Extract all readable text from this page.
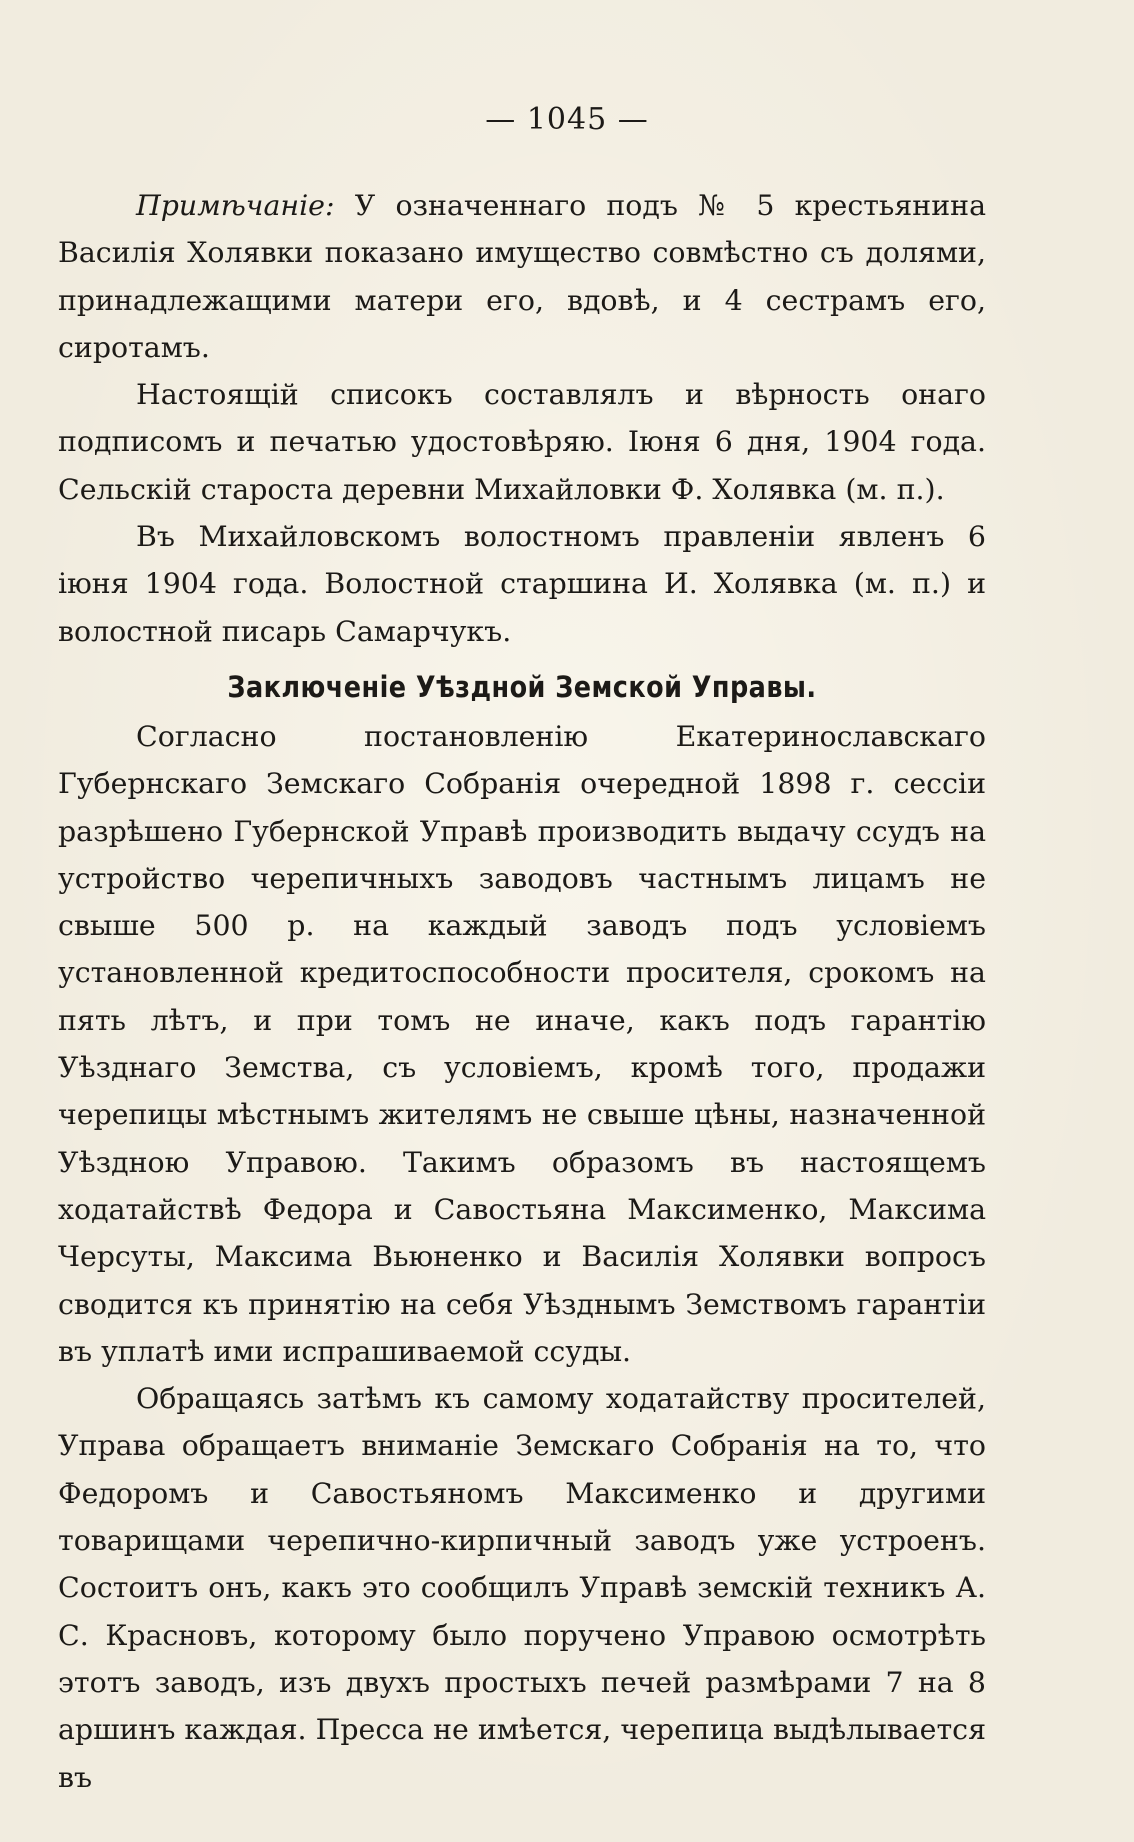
— 1045 —

Примѣчаніе: У означеннаго подъ № 5 крестьянина Василія Холявки показано имущество совмѣстно съ долями, принадлежащими матери его, вдовѣ, и 4 сестрамъ его, сиротамъ.

Настоящій списокъ составлялъ и вѣрность онаго подписомъ и печатью удостовѣряю. Іюня 6 дня, 1904 года. Сельскій староста деревни Михайловки Ф. Холявка (м. п.).

Въ Михайловскомъ волостномъ правленіи явленъ 6 іюня 1904 года. Волостной старшина И. Холявка (м. п.) и волостной писарь Самарчукъ.

Заключеніе Уѣздной Земской Управы.

Согласно постановленію Екатеринославскаго Губернскаго Земскаго Собранія очередной 1898 г. сессіи разрѣшено Губернской Управѣ производить выдачу ссудъ на устройство черепичныхъ заводовъ частнымъ лицамъ не свыше 500 р. на каждый заводъ подъ условіемъ установленной кредитоспособности просителя, срокомъ на пять лѣтъ, и при томъ не иначе, какъ подъ гарантію Уѣзднаго Земства, съ условіемъ, кромѣ того, продажи черепицы мѣстнымъ жителямъ не свыше цѣны, назначенной Уѣздною Управою. Такимъ образомъ въ настоящемъ ходатайствѣ Федора и Савостьяна Максименко, Максима Черсуты, Максима Вьюненко и Василія Холявки вопросъ сводится къ принятію на себя Уѣзднымъ Земствомъ гарантіи въ уплатѣ ими испрашиваемой ссуды.

Обращаясь затѣмъ къ самому ходатайству просителей, Управа обращаетъ вниманіе Земскаго Собранія на то, что Федоромъ и Савостьяномъ Максименко и другими товарищами черепично-кирпичный заводъ уже устроенъ. Состоитъ онъ, какъ это сообщилъ Управѣ земскій техникъ А. С. Красновъ, которому было поручено Управою осмотрѣть этотъ заводъ, изъ двухъ простыхъ печей размѣрами 7 на 8 аршинъ каждая. Пресса не имѣется, черепица выдѣлывается въ
